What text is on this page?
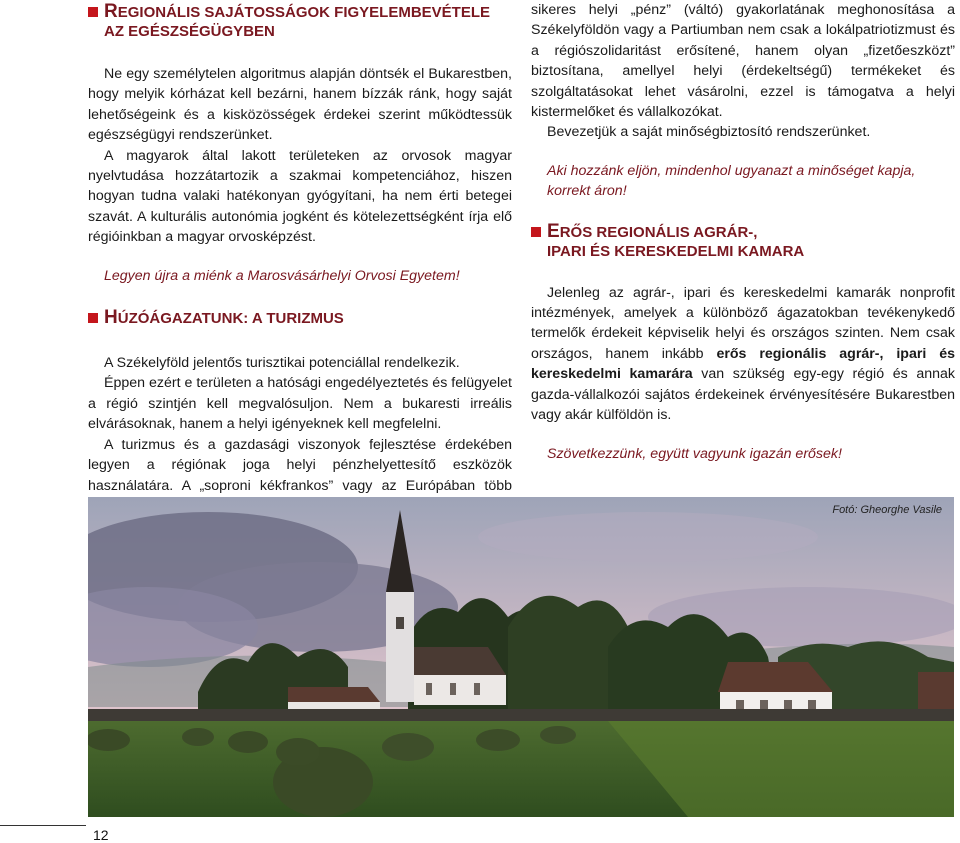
REGIONÁLIS SAJÁTOSSÁGOK FIGYELEMBEVÉTELE
AZ EGÉSZSÉGÜGYBEN

Ne egy személytelen algoritmus alapján döntsék el Bukarestben, hogy melyik kórházat kell bezárni, hanem bízzák ránk, hogy saját lehetőségeink és a kisközösségek érdekei szerint működtessük egészségügyi rendszerünket.

A magyarok által lakott területeken az orvosok magyar nyelvtudása hozzátartozik a szakmai kompetenciához, hiszen hogyan tudna valaki hatékonyan gyógyítani, ha nem érti betegei szavát. A kulturális autonómia jogként és kötelezettségként írja elő régióinkban a magyar orvosképzést.

Legyen újra a miénk a Marosvásárhelyi Orvosi Egyetem!

HÚZÓÁGAZATUNK: A TURIZMUS

A Székelyföld jelentős turisztikai potenciállal rendelkezik.

Éppen ezért e területen a hatósági engedélyeztetés és felügyelet a régió szintjén kell megvalósuljon. Nem a bukaresti irreális elvárásoknak, hanem a helyi igényeknek kell megfelelni.

A turizmus és a gazdasági viszonyok fejlesztése érdekében legyen a régiónak joga helyi pénzhelyettesítő eszközök használatára. A „soproni kékfrankos” vagy az Európában több

sikeres helyi „pénz” (váltó) gyakorlatának meghonosítása a Székelyföldön vagy a Partiumban nem csak a lokálpatriotizmust és a régiószolidaritást erősítené, hanem olyan „fizetőeszközt” biztosítana, amellyel helyi (érdekeltségű) termékeket és szolgáltatásokat lehet vásárolni, ezzel is támogatva a helyi kistermelőket és vállalkozókat.

Bevezetjük a saját minőségbiztosító rendszerünket.

Aki hozzánk eljön, mindenhol ugyanazt a minőséget kapja, korrekt áron!

ERŐS REGIONÁLIS AGRÁR-,
IPARI ÉS KERESKEDELMI KAMARA

Jelenleg az agrár-, ipari és kereskedelmi kamarák nonprofit intézmények, amelyek a különböző ágazatokban tevékenykedő termelők érdekeit képviselik helyi és országos szinten. Nem csak országos, hanem inkább erős regionális agrár-, ipari és kereskedelmi kamarára van szükség egy-egy régió és annak gazda-vállalkozói sajátos érdekeinek érvényesítésére Bukarestben vagy akár külföldön is.

Szövetkezzünk, együtt vagyunk igazán erősek!

Fotó: Gheorghe Vasile
12
